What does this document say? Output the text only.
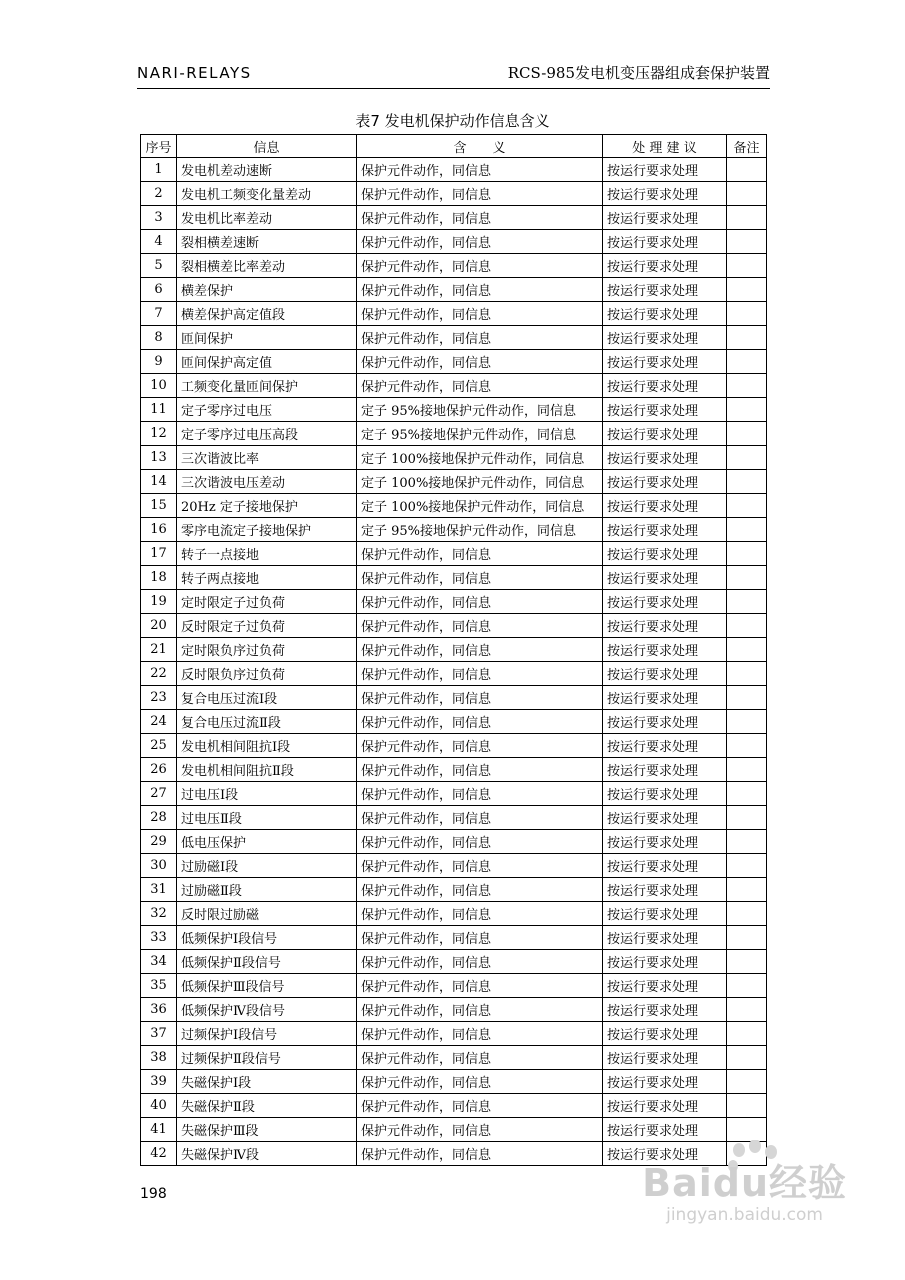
NARI-RELAYS	RCS-985发电机变压器组成套保护装置
表7 发电机保护动作信息含义
序号	信息	含　　义	处 理 建 议	备注
1	发电机差动速断	保护元件动作，同信息	按运行要求处理	
2	发电机工频变化量差动	保护元件动作，同信息	按运行要求处理	
3	发电机比率差动	保护元件动作，同信息	按运行要求处理	
4	裂相横差速断	保护元件动作，同信息	按运行要求处理	
5	裂相横差比率差动	保护元件动作，同信息	按运行要求处理	
6	横差保护	保护元件动作，同信息	按运行要求处理	
7	横差保护高定值段	保护元件动作，同信息	按运行要求处理	
8	匝间保护	保护元件动作，同信息	按运行要求处理	
9	匝间保护高定值	保护元件动作，同信息	按运行要求处理	
10	工频变化量匝间保护	保护元件动作，同信息	按运行要求处理	
11	定子零序过电压	定子 95%接地保护元件动作，同信息	按运行要求处理	
12	定子零序过电压高段	定子 95%接地保护元件动作，同信息	按运行要求处理	
13	三次谐波比率	定子 100%接地保护元件动作，同信息	按运行要求处理	
14	三次谐波电压差动	定子 100%接地保护元件动作，同信息	按运行要求处理	
15	20Hz 定子接地保护	定子 100%接地保护元件动作，同信息	按运行要求处理	
16	零序电流定子接地保护	定子 95%接地保护元件动作，同信息	按运行要求处理	
17	转子一点接地	保护元件动作，同信息	按运行要求处理	
18	转子两点接地	保护元件动作，同信息	按运行要求处理	
19	定时限定子过负荷	保护元件动作，同信息	按运行要求处理	
20	反时限定子过负荷	保护元件动作，同信息	按运行要求处理	
21	定时限负序过负荷	保护元件动作，同信息	按运行要求处理	
22	反时限负序过负荷	保护元件动作，同信息	按运行要求处理	
23	复合电压过流Ⅰ段	保护元件动作，同信息	按运行要求处理	
24	复合电压过流Ⅱ段	保护元件动作，同信息	按运行要求处理	
25	发电机相间阻抗Ⅰ段	保护元件动作，同信息	按运行要求处理	
26	发电机相间阻抗Ⅱ段	保护元件动作，同信息	按运行要求处理	
27	过电压Ⅰ段	保护元件动作，同信息	按运行要求处理	
28	过电压Ⅱ段	保护元件动作，同信息	按运行要求处理	
29	低电压保护	保护元件动作，同信息	按运行要求处理	
30	过励磁Ⅰ段	保护元件动作，同信息	按运行要求处理	
31	过励磁Ⅱ段	保护元件动作，同信息	按运行要求处理	
32	反时限过励磁	保护元件动作，同信息	按运行要求处理	
33	低频保护Ⅰ段信号	保护元件动作，同信息	按运行要求处理	
34	低频保护Ⅱ段信号	保护元件动作，同信息	按运行要求处理	
35	低频保护Ⅲ段信号	保护元件动作，同信息	按运行要求处理	
36	低频保护Ⅳ段信号	保护元件动作，同信息	按运行要求处理	
37	过频保护Ⅰ段信号	保护元件动作，同信息	按运行要求处理	
38	过频保护Ⅱ段信号	保护元件动作，同信息	按运行要求处理	
39	失磁保护Ⅰ段	保护元件动作，同信息	按运行要求处理	
40	失磁保护Ⅱ段	保护元件动作，同信息	按运行要求处理	
41	失磁保护Ⅲ段	保护元件动作，同信息	按运行要求处理	
42	失磁保护Ⅳ段	保护元件动作，同信息	按运行要求处理	
198	Baidu经验
jingyan.baidu.com
